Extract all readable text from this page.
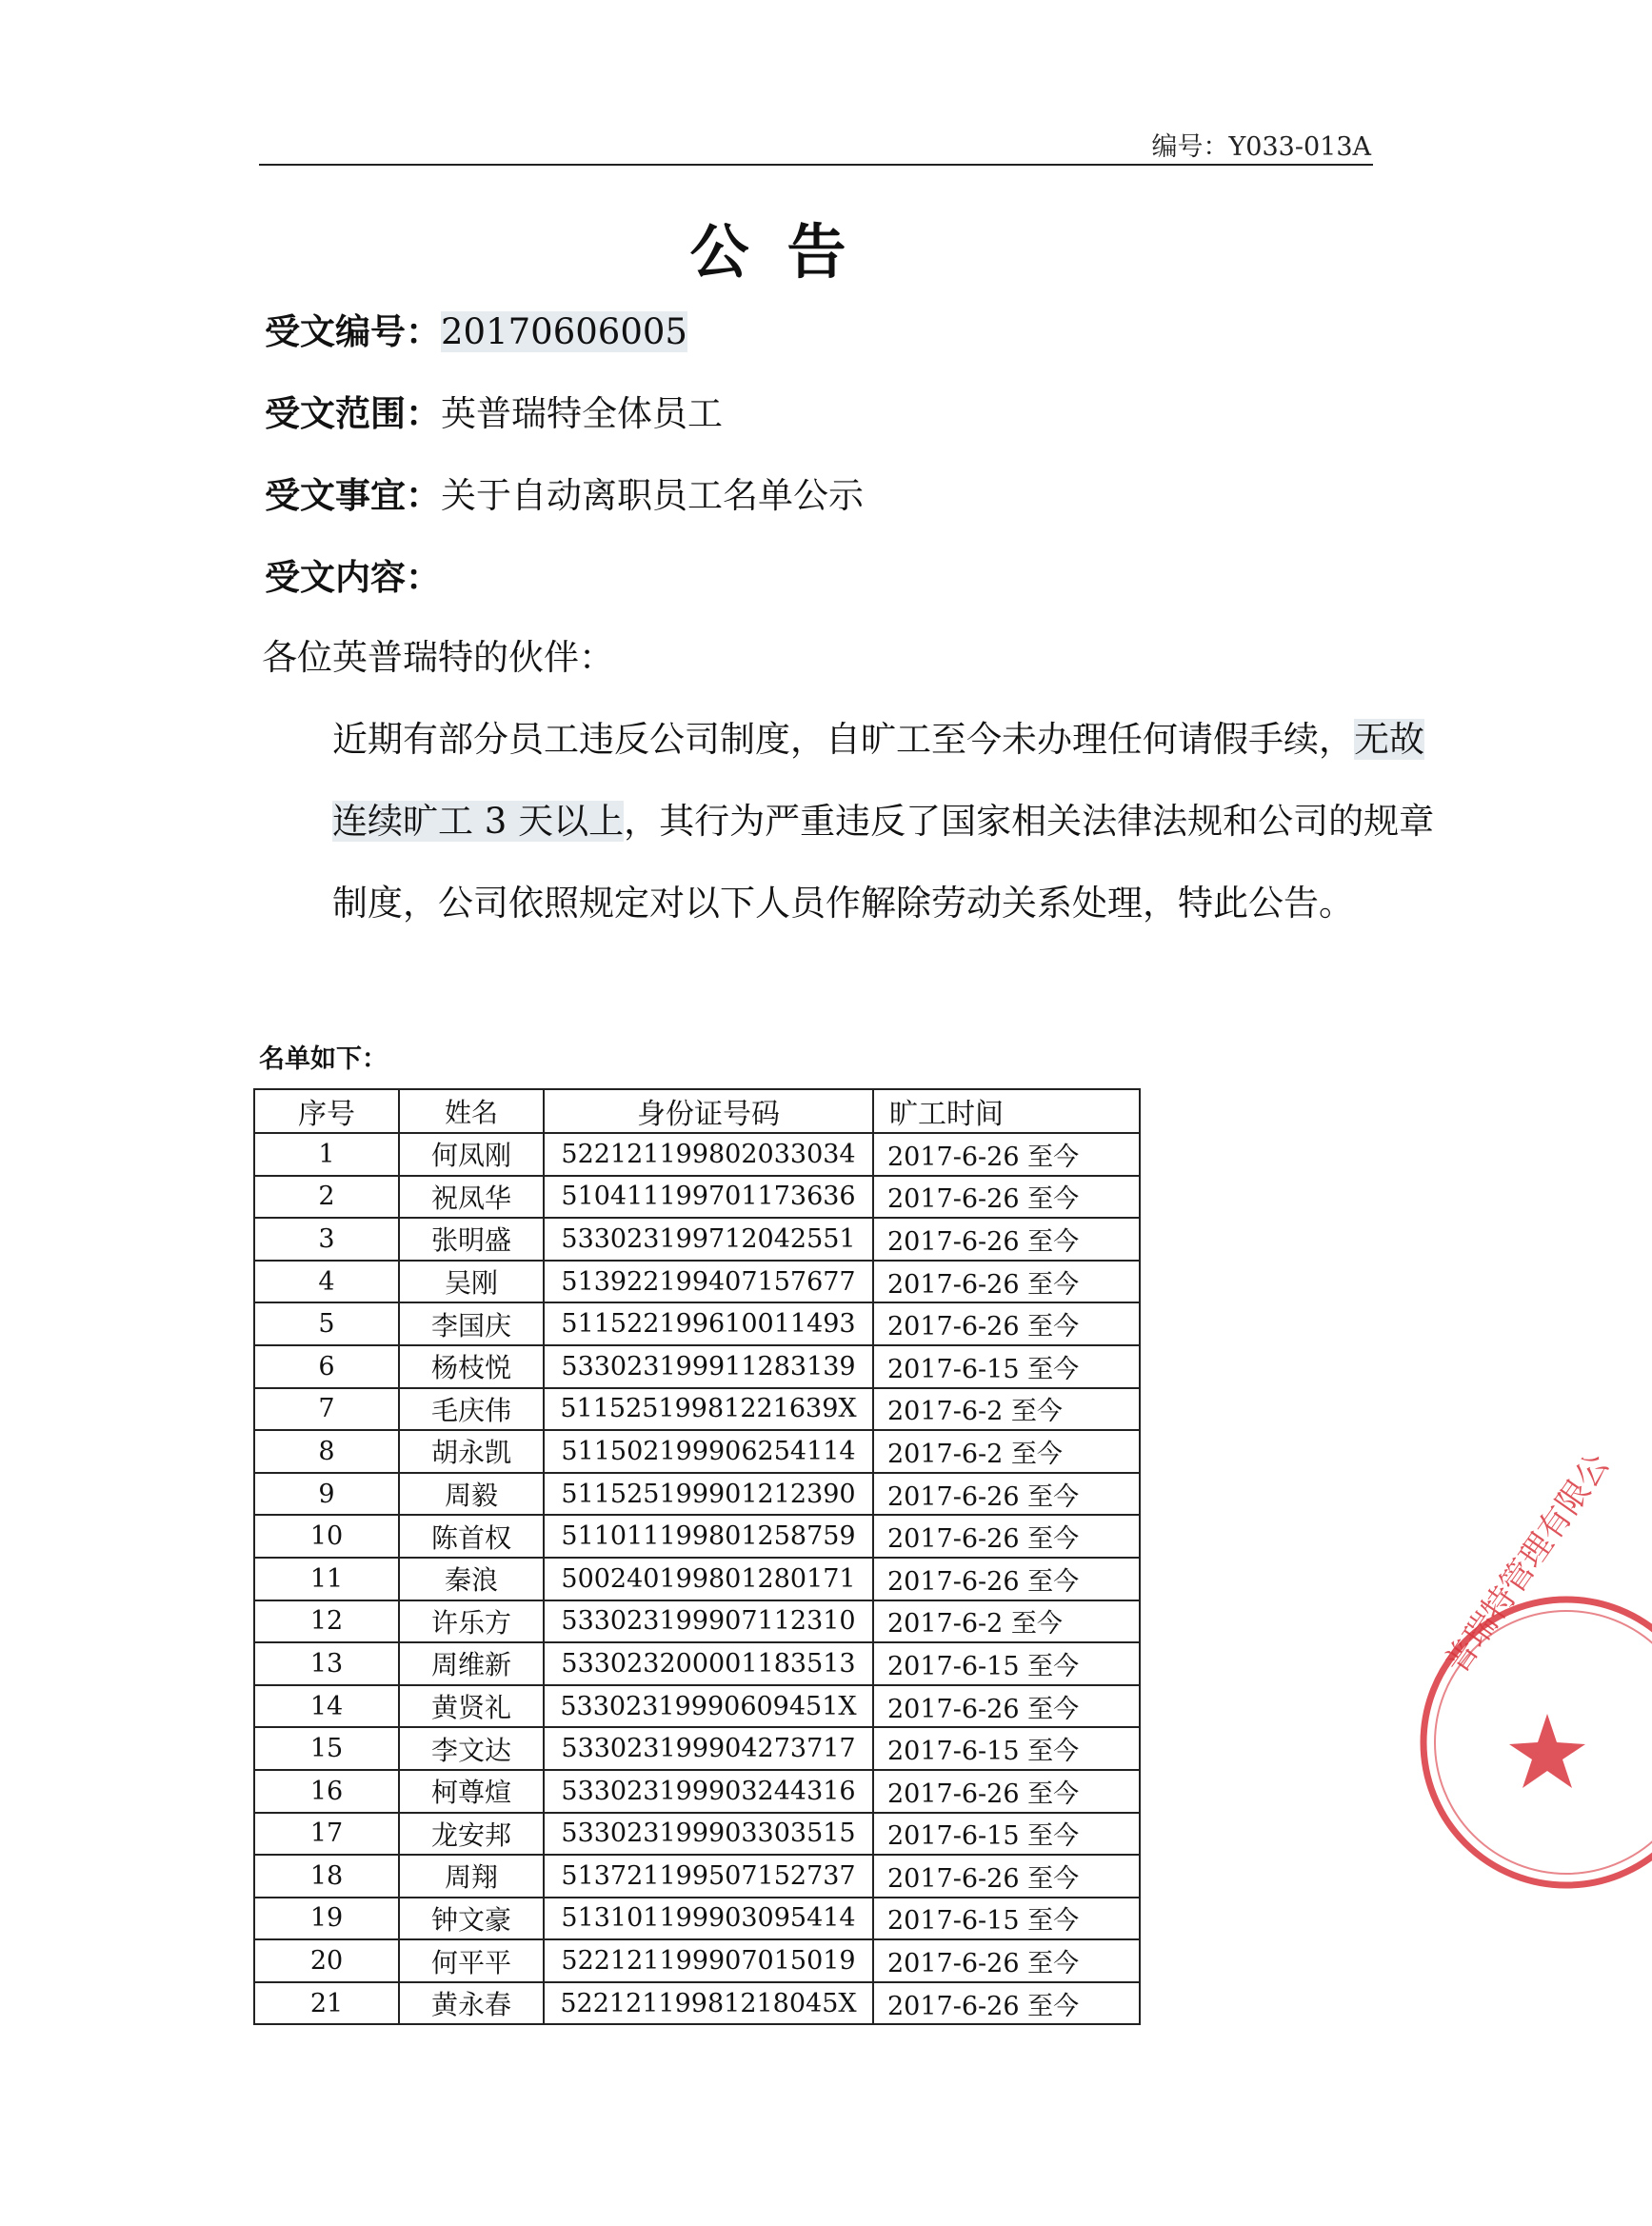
编号：Y033-013A
公告
受文编号：20170606005
受文范围：英普瑞特全体员工
受文事宜：关于自动离职员工名单公示
受文内容：
各位英普瑞特的伙伴：
近期有部分员工违反公司制度，自旷工至今未办理任何请假手续，无故连续旷工 3 天以上，其行为严重违反了国家相关法律法规和公司的规章制度，公司依照规定对以下人员作解除劳动关系处理，特此公告。
名单如下：
序号	姓名	身份证号码	旷工时间
1	何凤刚	522121199802033034	2017-6-26 至今
2	祝凤华	510411199701173636	2017-6-26 至今
3	张明盛	533023199712042551	2017-6-26 至今
4	吴刚	513922199407157677	2017-6-26 至今
5	李国庆	511522199610011493	2017-6-26 至今
6	杨枝悦	533023199911283139	2017-6-15 至今
7	毛庆伟	51152519981221639X	2017-6-2 至今
8	胡永凯	511502199906254114	2017-6-2 至今
9	周毅	511525199901212390	2017-6-26 至今
10	陈首权	511011199801258759	2017-6-26 至今
11	秦浪	500240199801280171	2017-6-26 至今
12	许乐方	533023199907112310	2017-6-2 至今
13	周维新	533023200001183513	2017-6-15 至今
14	黄贤礼	53302319990609451X	2017-6-26 至今
15	李文达	533023199904273717	2017-6-15 至今
16	柯尊煊	533023199903244316	2017-6-26 至今
17	龙安邦	533023199903303515	2017-6-15 至今
18	周翔	513721199507152737	2017-6-26 至今
19	钟文豪	513101199903095414	2017-6-15 至今
20	何平平	522121199907015019	2017-6-26 至今
21	黄永春	52212119981218045X	2017-6-26 至今
普瑞特管理有限公
